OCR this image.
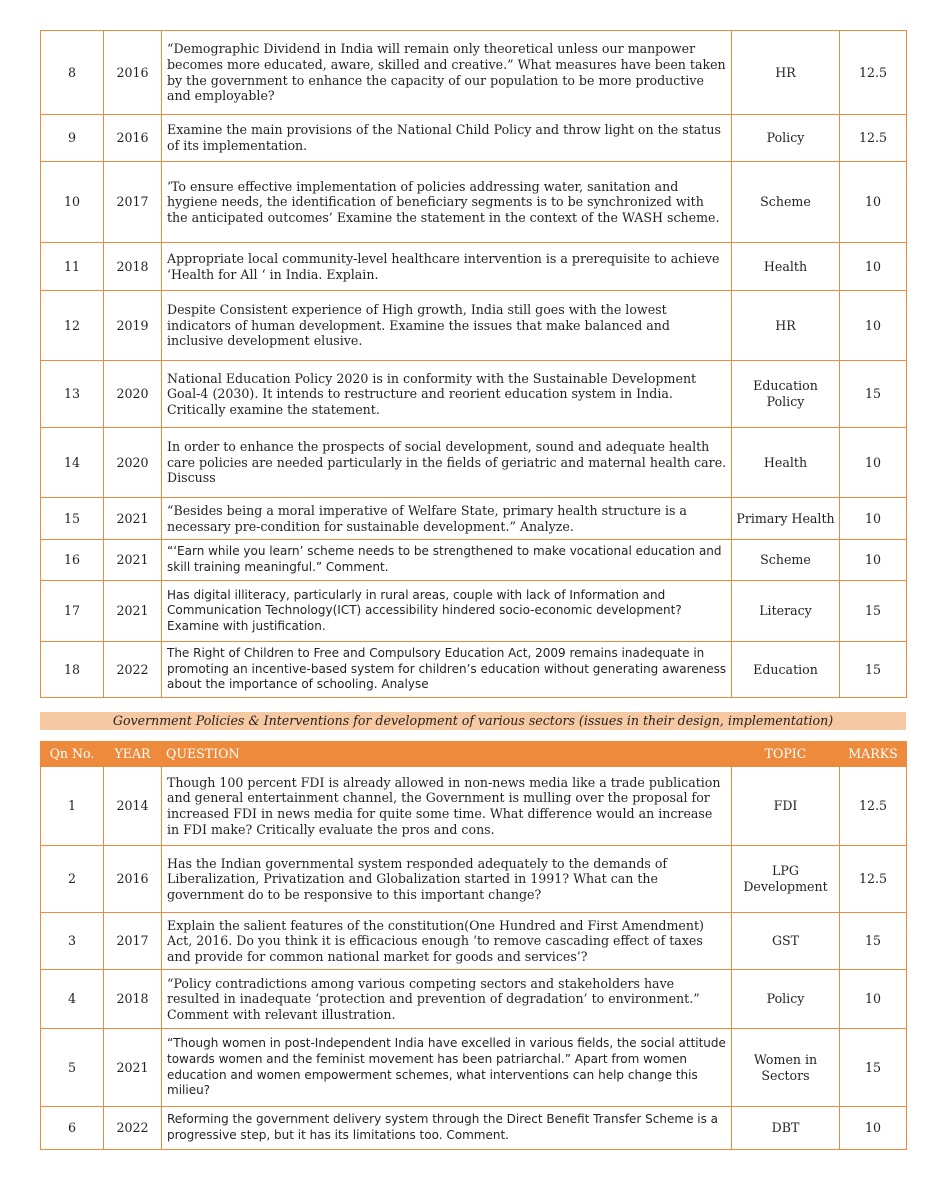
8	2016	“Demographic Dividend in India will remain only theoretical unless our manpower becomes more educated, aware, skilled and creative.” What measures have been taken by the government to enhance the capacity of our population to be more productive and employable?	HR	12.5
9	2016	Examine the main provisions of the National Child Policy and throw light on the status of its implementation.	Policy	12.5
10	2017	‘To ensure effective implementation of policies addressing water, sanitation and hygiene needs, the identification of beneficiary segments is to be synchronized with the anticipated outcomes’ Examine the statement in the context of the WASH scheme.	Scheme	10
11	2018	Appropriate local community-level healthcare intervention is a prerequisite to achieve ‘Health for All ‘ in India. Explain.	Health	10
12	2019	Despite Consistent experience of High growth, India still goes with the lowest indicators of human development. Examine the issues that make balanced and inclusive development elusive.	HR	10
13	2020	National Education Policy 2020 is in conformity with the Sustainable Development Goal-4 (2030). It intends to restructure and reorient education system in India. Critically examine the statement.	Education Policy	15
14	2020	In order to enhance the prospects of social development, sound and adequate health care policies are needed particularly in the fields of geriatric and maternal health care. Discuss	Health	10
15	2021	“Besides being a moral imperative of Welfare State, primary health structure is a necessary pre-condition for sustainable development.” Analyze.	Primary Health	10
16	2021	“‘Earn while you learn’ scheme needs to be strengthened to make vocational education and skill training meaningful.” Comment.	Scheme	10
17	2021	Has digital illiteracy, particularly in rural areas, couple with lack of Information and Communication Technology(ICT) accessibility hindered socio-economic development? Examine with justification.	Literacy	15
18	2022	The Right of Children to Free and Compulsory Education Act, 2009 remains inadequate in promoting an incentive-based system for children’s education without generating awareness about the importance of schooling. Analyse	Education	15
Government Policies & Interventions for development of various sectors (issues in their design, implementation)
Qn No.	YEAR	QUESTION	TOPIC	MARKS
1	2014	Though 100 percent FDI is already allowed in non-news media like a trade publication and general entertainment channel, the Government is mulling over the proposal for increased FDI in news media for quite some time. What difference would an increase in FDI make? Critically evaluate the pros and cons.	FDI	12.5
2	2016	Has the Indian governmental system responded adequately to the demands of Liberalization, Privatization and Globalization started in 1991? What can the government do to be responsive to this important change?	LPG Development	12.5
3	2017	Explain the salient features of the constitution(One Hundred and First Amendment) Act, 2016. Do you think it is efficacious enough ‘to remove cascading effect of taxes and provide for common national market for goods and services’?	GST	15
4	2018	“Policy contradictions among various competing sectors and stakeholders have resulted in inadequate ‘protection and prevention of degradation’ to environment.” Comment with relevant illustration.	Policy	10
5	2021	“Though women in post-Independent India have excelled in various fields, the social attitude towards women and the feminist movement has been patriarchal.” Apart from women education and women empowerment schemes, what interventions can help change this milieu?	Women in Sectors	15
6	2022	Reforming the government delivery system through the Direct Benefit Transfer Scheme is a progressive step, but it has its limitations too. Comment.	DBT	10
